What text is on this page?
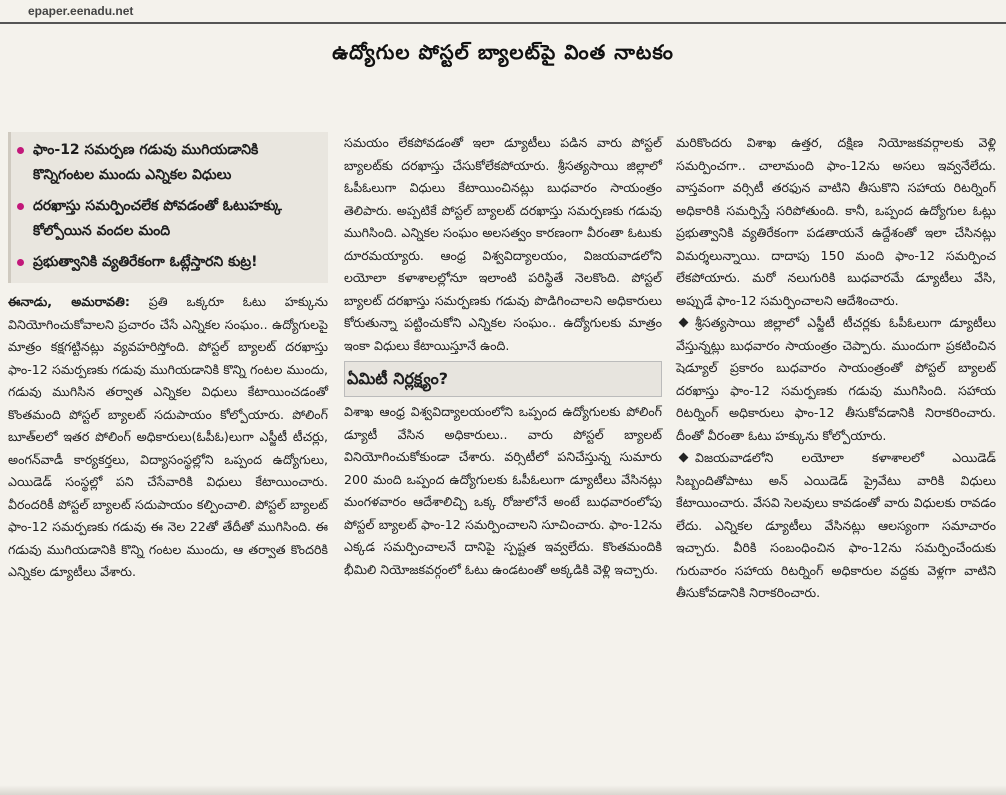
epaper.eenadu.net
ఉద్యోగుల పోస్టల్ బ్యాలట్‌పై వింత నాటకం
ఫాం-12 సమర్పణ గడువు ముగియడానికి కొన్నిగంటల ముందు ఎన్నికల విధులు
దరఖాస్తు సమర్పించలేక పోవడంతో ఓటుహక్కు కోల్పోయిన వందల మంది
ప్రభుత్వానికి వ్యతిరేకంగా ఓట్లేస్తారని కుట్ర!

ఈనాడు, అమరావతి: ప్రతి ఒక్కరూ ఓటు హక్కును వినియోగించుకోవాలని ప్రచారం చేసే ఎన్నికల సంఘం.. ఉద్యోగులపై మాత్రం కక్షగట్టినట్లు వ్యవహరిస్తోంది. పోస్టల్ బ్యాలట్ దరఖాస్తు ఫాం-12 సమర్పణకు గడువు ముగియడానికి కొన్ని గంటల ముందు, గడువు ముగిసిన తర్వాత ఎన్నికల విధులు కేటాయించడంతో కొంతమంది పోస్టల్ బ్యాలట్ సదుపాయం కోల్పోయారు. పోలింగ్ బూత్‌లలో ఇతర పోలింగ్ అధికారులు(ఓపీఓ)లుగా ఎస్జీటీ టీచర్లు, అంగన్‌వాడీ కార్యకర్తలు, విద్యాసంస్థల్లోని ఒప్పంద ఉద్యోగులు, ఎయిడెడ్ సంస్థల్లో పని చేసేవారికి విధులు కేటాయించారు. వీరందరికీ పోస్టల్ బ్యాలట్ సదుపాయం కల్పించాలి. పోస్టల్ బ్యాలట్ ఫాం-12 సమర్పణకు గడువు ఈ నెల 22తో తేదీతో ముగిసింది. ఈ గడువు ముగియడానికి కొన్ని గంటల ముందు, ఆ తర్వాత కొందరికి ఎన్నికల డ్యూటీలు వేశారు.

సమయం లేకపోవడంతో ఇలా డ్యూటీలు పడిన వారు పోస్టల్ బ్యాలట్‌కు దరఖాస్తు చేసుకోలేకపోయారు. శ్రీసత్యసాయి జిల్లాలో ఓపీఓలుగా విధులు కేటాయించినట్లు బుధవారం సాయంత్రం తెలిపారు. అప్పటికే పోస్టల్ బ్యాలట్ దరఖాస్తు సమర్పణకు గడువు ముగిసింది. ఎన్నికల సంఘం అలసత్వం కారణంగా వీరంతా ఓటుకు దూరమయ్యారు. ఆంధ్ర విశ్వవిద్యాలయం, విజయవాడలోని లయోలా కళాశాలల్లోనూ ఇలాంటి పరిస్థితే నెలకొంది. పోస్టల్ బ్యాలట్ దరఖాస్తు సమర్పణకు గడువు పొడిగించాలని అధికారులు కోరుతున్నా పట్టించుకోని ఎన్నికల సంఘం.. ఉద్యోగులకు మాత్రం ఇంకా విధులు కేటాయిస్తూనే ఉంది.

ఏమిటీ నిర్లక్ష్యం?

విశాఖ ఆంధ్ర విశ్వవిద్యాలయంలోని ఒప్పంద ఉద్యోగులకు పోలింగ్ డ్యూటీ వేసిన అధికారులు.. వారు పోస్టల్ బ్యాలట్ వినియోగించుకోకుండా చేశారు. వర్సిటీలో పనిచేస్తున్న సుమారు 200 మంది ఒప్పంద ఉద్యోగులకు ఓపీఓలుగా డ్యూటీలు వేసినట్లు మంగళవారం ఆదేశాలిచ్చి ఒక్క రోజులోనే అంటే బుధవారంలోపు పోస్టల్ బ్యాలట్ ఫాం-12 సమర్పించాలని సూచించారు. ఫాం-12ను ఎక్కడ సమర్పించాలనే దానిపై స్పష్టత ఇవ్వలేదు. కొంతమందికి భీమిలి నియోజకవర్గంలో ఓటు ఉండటంతో అక్కడికి వెళ్లి ఇచ్చారు.

మరికొందరు విశాఖ ఉత్తర, దక్షిణ నియోజకవర్గాలకు వెళ్లి సమర్పించగా.. చాలామంది ఫాం-12ను అసలు ఇవ్వనేలేదు. వాస్తవంగా వర్సిటీ తరఫున వాటిని తీసుకొని సహాయ రిటర్నింగ్ అధికారికి సమర్పిస్తే సరిపోతుంది. కానీ, ఒప్పంద ఉద్యోగుల ఓట్లు ప్రభుత్వానికి వ్యతిరేకంగా పడతాయనే ఉద్దేశంతో ఇలా చేసినట్లు విమర్శలున్నాయి. దాదాపు 150 మంది ఫాం-12 సమర్పించ లేకపోయారు. మరో నలుగురికి బుధవారమే డ్యూటీలు వేసి, అప్పుడే ఫాం-12 సమర్పించాలని ఆదేశించారు.

శ్రీసత్యసాయి జిల్లాలో ఎస్జీటీ టీచర్లకు ఓపీఓలుగా డ్యూటీలు వేస్తున్నట్లు బుధవారం సాయంత్రం చెప్పారు. ముందుగా ప్రకటించిన షెడ్యూల్ ప్రకారం బుధవారం సాయంత్రంతో పోస్టల్ బ్యాలట్ దరఖాస్తు ఫాం-12 సమర్పణకు గడువు ముగిసింది. సహాయ రిటర్నింగ్ అధికారులు ఫాం-12 తీసుకోవడానికి నిరాకరించారు. దీంతో వీరంతా ఓటు హక్కును కోల్పోయారు.

విజయవాడలోని లయోలా కళాశాలలో ఎయిడెడ్ సిబ్బందితోపాటు అన్ ఎయిడెడ్ ప్రైవేటు వారికి విధులు కేటాయించారు. వేసవి సెలవులు కావడంతో వారు విధులకు రావడం లేదు. ఎన్నికల డ్యూటీలు వేసినట్లు ఆలస్యంగా సమాచారం ఇచ్చారు. వీరికి సంబంధించిన ఫాం-12ను సమర్పించేందుకు గురువారం సహాయ రిటర్నింగ్ అధికారుల వద్దకు వెళ్లగా వాటిని తీసుకోవడానికి నిరాకరించారు.
